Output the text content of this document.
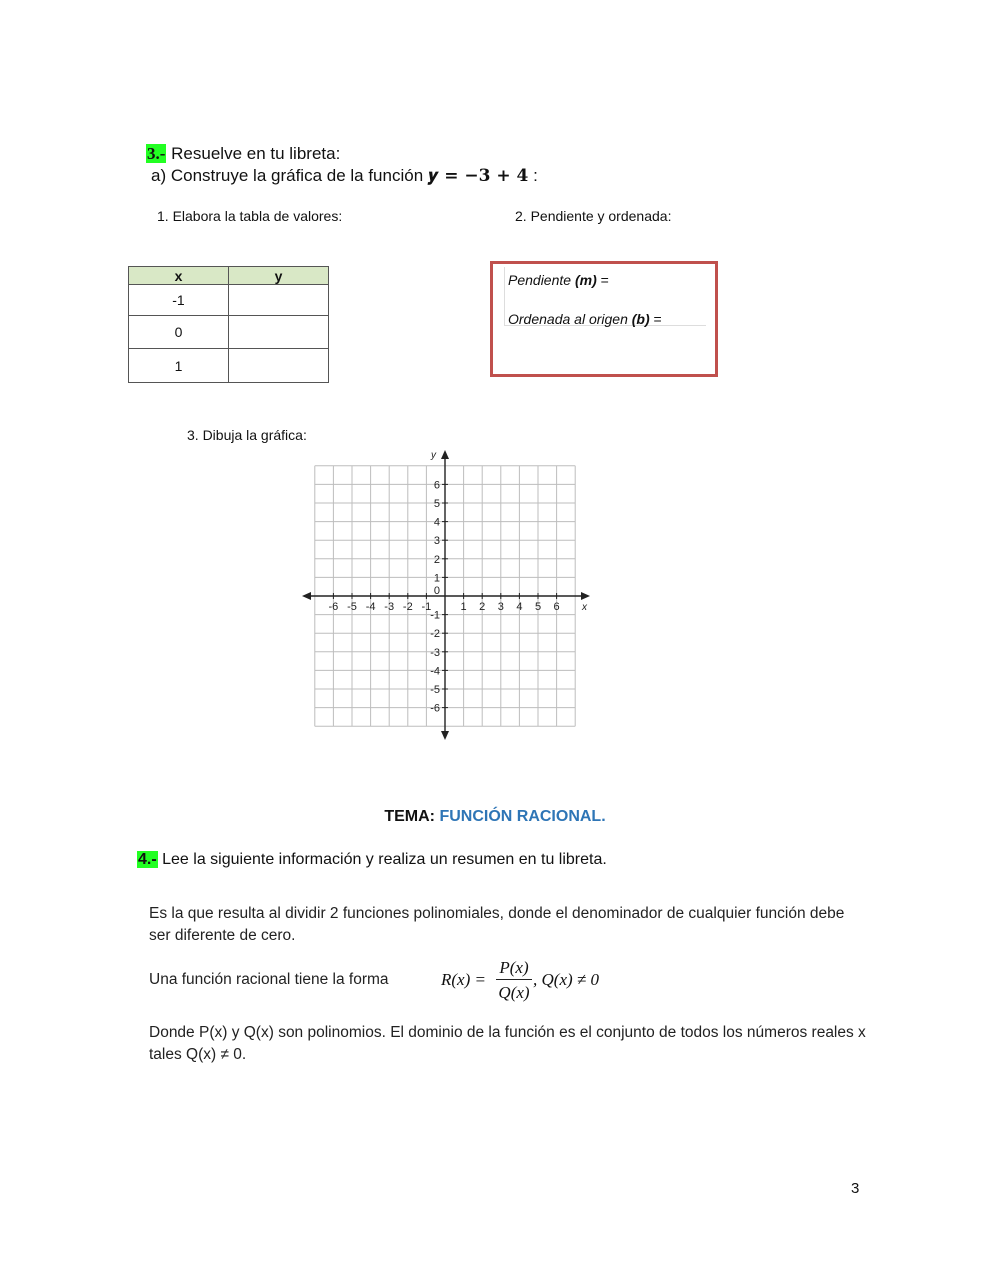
3.- Resuelve en tu libreta:
a) Construye la gráfica de la función 𝒚 = −𝟑 + 𝟒 :
1. Elabora la tabla de valores:	2. Pendiente y ordenada:
x	y
-1	
0	
1	
Pendiente (m) =
Ordenada al origen (b) =
3. Dibuja la gráfica:
-6 -5 -4 -3 -2 -1	1 2 3 4 5 6
-6
-5
-4
-3
-2
-1
1
2
3
4
5
6
0
x
y
TEMA: FUNCIÓN RACIONAL.
4.- Lee la siguiente información y realiza un resumen en tu libreta.
Es la que resulta al dividir 2 funciones polinomiales, donde el denominador de cualquier función debe ser diferente de cero.
Una función racional tiene la forma	R(x) =
P(x)
Q(x)
, Q(x) ≠ 0
Donde P(x) y Q(x) son polinomios. El dominio de la función es el conjunto de todos los números reales x tales Q(x) ≠ 0.
3
